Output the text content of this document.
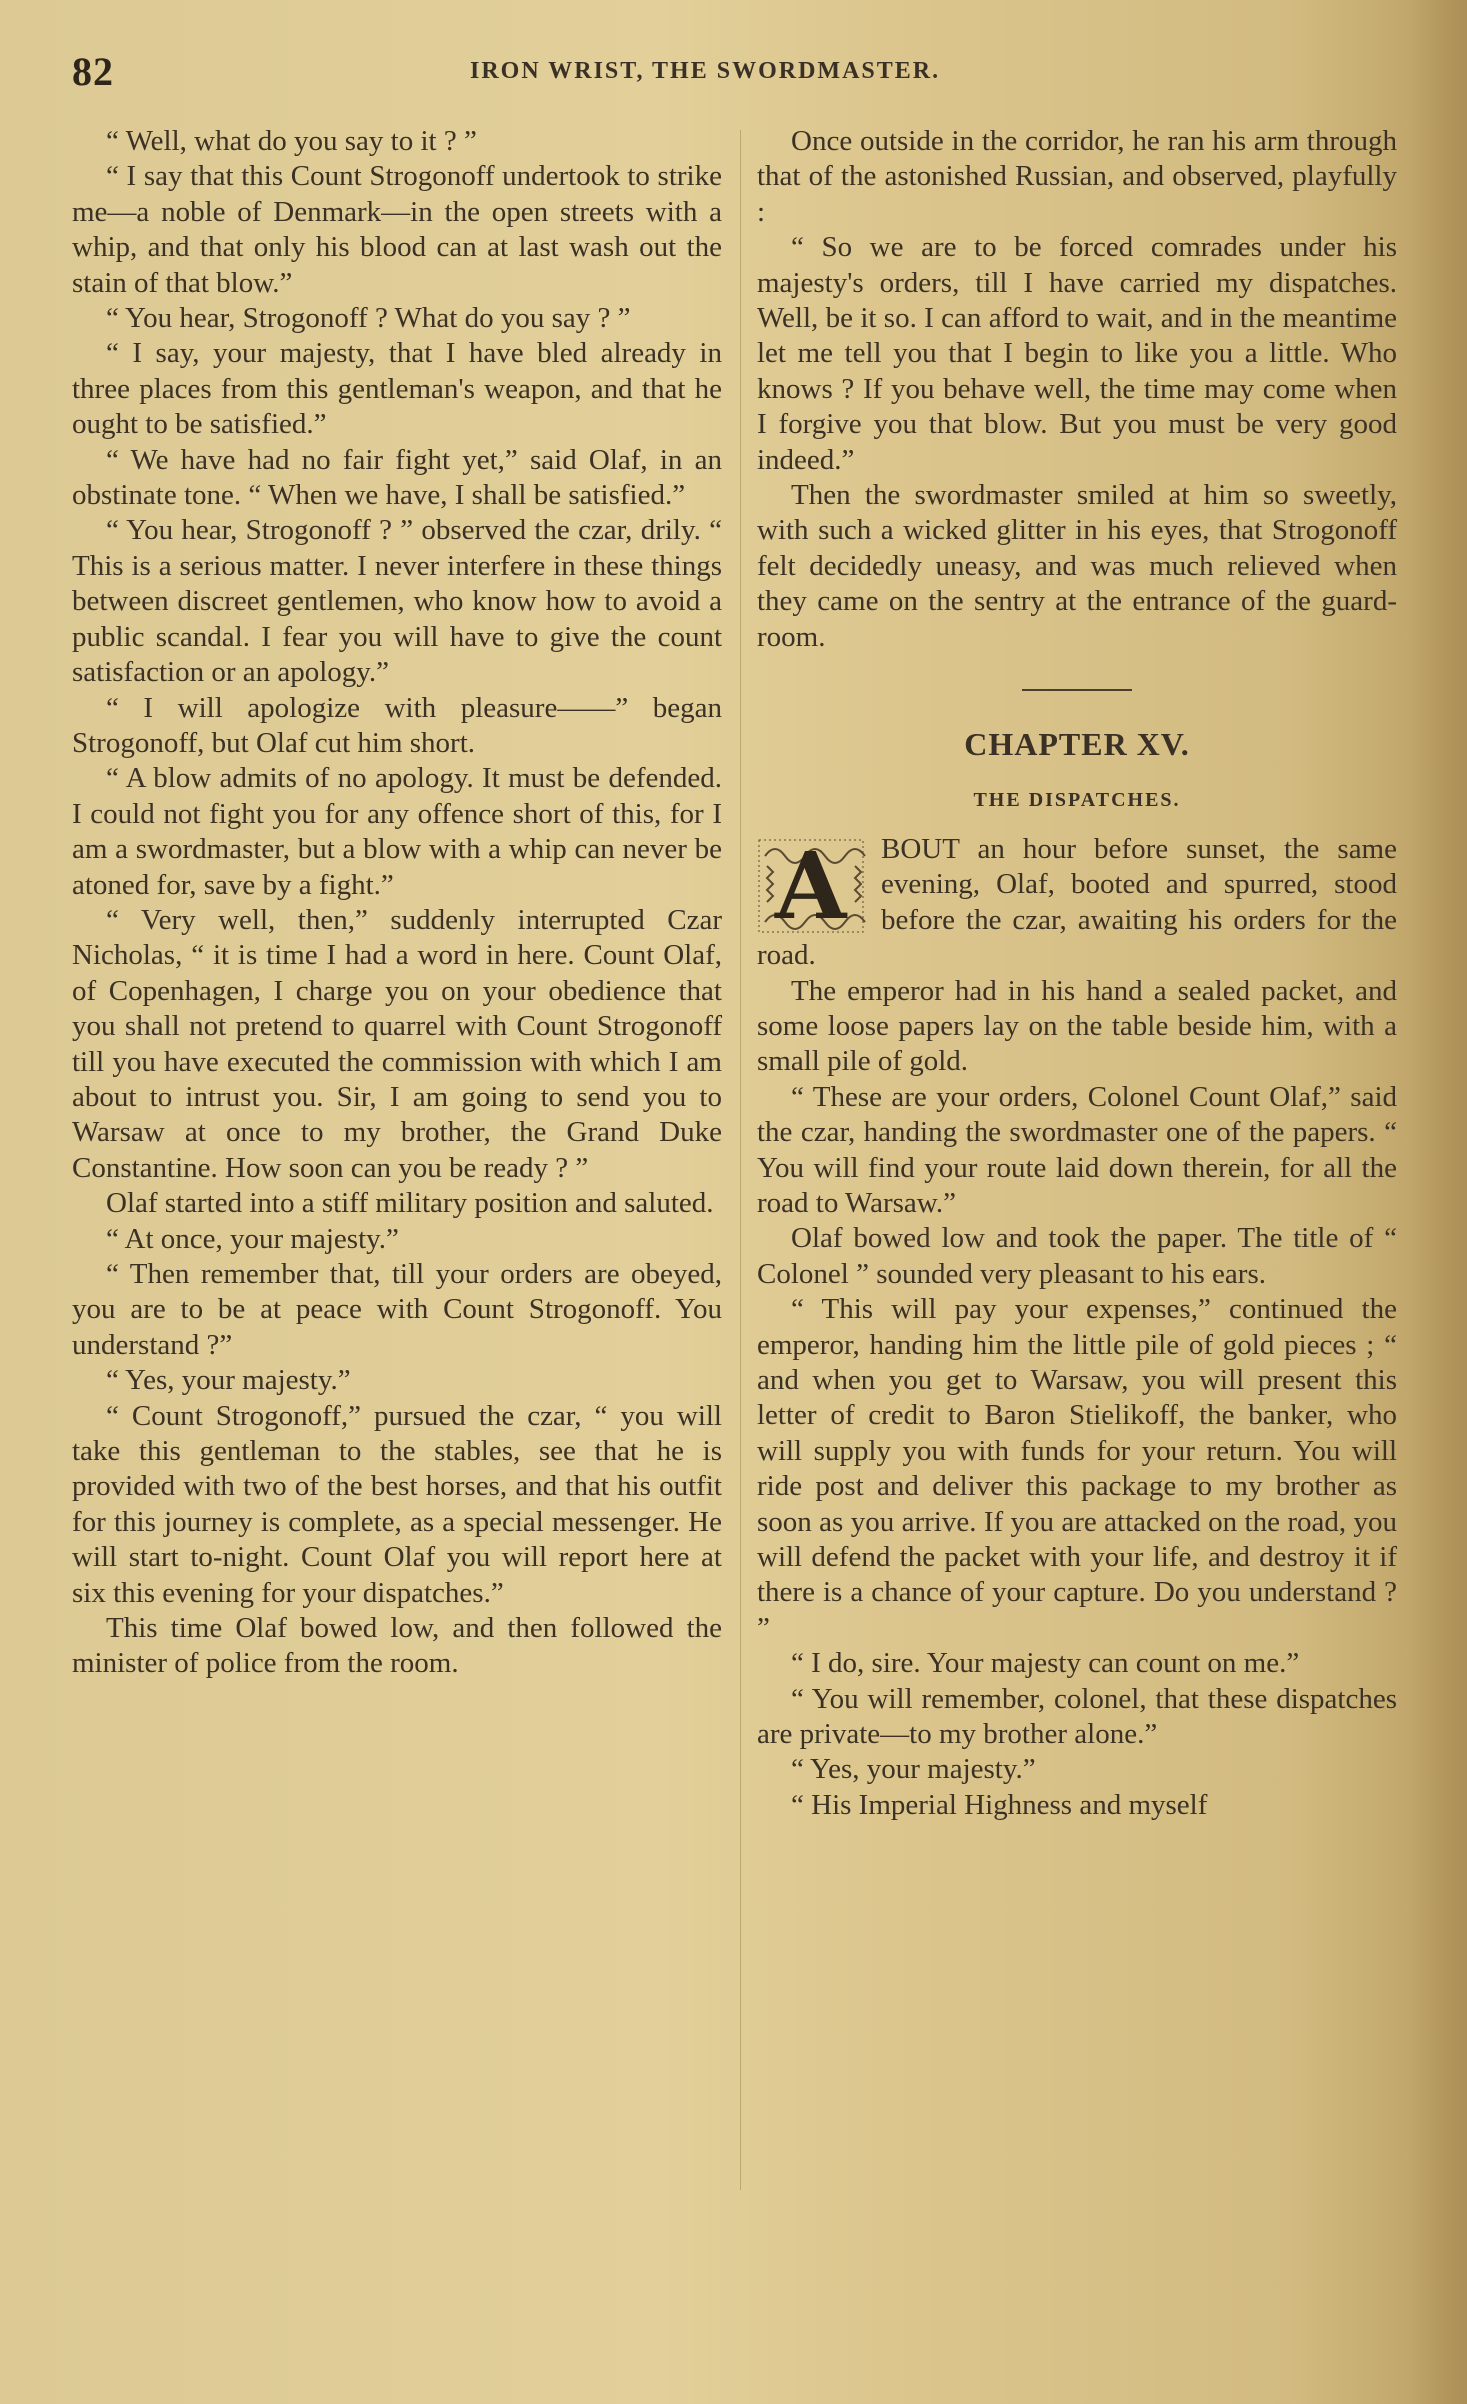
82	IRON WRIST, THE SWORDMASTER.

“ Well, what do you say to it ? ”

“ I say that this Count Strogonoff undertook to strike me—a noble of Denmark—in the open streets with a whip, and that only his blood can at last wash out the stain of that blow.”

“ You hear, Strogonoff ? What do you say ? ”

“ I say, your majesty, that I have bled already in three places from this gentleman's weapon, and that he ought to be satisfied.”

“ We have had no fair fight yet,” said Olaf, in an obstinate tone. “ When we have, I shall be satisfied.”

“ You hear, Strogonoff ? ” observed the czar, drily. “ This is a serious matter. I never interfere in these things between discreet gentlemen, who know how to avoid a public scandal. I fear you will have to give the count satisfaction or an apology.”

“ I will apologize with pleasure——” began Strogonoff, but Olaf cut him short.

“ A blow admits of no apology. It must be defended. I could not fight you for any offence short of this, for I am a swordmaster, but a blow with a whip can never be atoned for, save by a fight.”

“ Very well, then,” suddenly interrupted Czar Nicholas, “ it is time I had a word in here. Count Olaf, of Copenhagen, I charge you on your obedience that you shall not pretend to quarrel with Count Strogonoff till you have executed the commission with which I am about to intrust you. Sir, I am going to send you to Warsaw at once to my brother, the Grand Duke Constantine. How soon can you be ready ? ”

Olaf started into a stiff military position and saluted.

“ At once, your majesty.”

“ Then remember that, till your orders are obeyed, you are to be at peace with Count Strogonoff. You understand ?”

“ Yes, your majesty.”

“ Count Strogonoff,” pursued the czar, “ you will take this gentleman to the stables, see that he is provided with two of the best horses, and that his outfit for this journey is complete, as a special messenger. He will start to-night. Count Olaf you will report here at six this evening for your dispatches.”

This time Olaf bowed low, and then followed the minister of police from the room.

Once outside in the corridor, he ran his arm through that of the astonished Russian, and observed, playfully :

“ So we are to be forced comrades under his majesty's orders, till I have carried my dispatches. Well, be it so. I can afford to wait, and in the meantime let me tell you that I begin to like you a little. Who knows ? If you behave well, the time may come when I forgive you that blow. But you must be very good indeed.”

Then the swordmaster smiled at him so sweetly, with such a wicked glitter in his eyes, that Strogonoff felt decidedly uneasy, and was much relieved when they came on the sentry at the entrance of the guard-room.

CHAPTER XV.
THE DISPATCHES.

A BOUT an hour before sunset, the same evening, Olaf, booted and spurred, stood before the czar, awaiting his orders for the road.

The emperor had in his hand a sealed packet, and some loose papers lay on the table beside him, with a small pile of gold.

“ These are your orders, Colonel Count Olaf,” said the czar, handing the swordmaster one of the papers. “ You will find your route laid down therein, for all the road to Warsaw.”

Olaf bowed low and took the paper. The title of “ Colonel ” sounded very pleasant to his ears.

“ This will pay your expenses,” continued the emperor, handing him the little pile of gold pieces ; “ and when you get to Warsaw, you will present this letter of credit to Baron Stielikoff, the banker, who will supply you with funds for your return. You will ride post and deliver this package to my brother as soon as you arrive. If you are attacked on the road, you will defend the packet with your life, and destroy it if there is a chance of your capture. Do you understand ? ”

“ I do, sire. Your majesty can count on me.”

“ You will remember, colonel, that these dispatches are private—to my brother alone.”

“ Yes, your majesty.”

“ His Imperial Highness and myself
